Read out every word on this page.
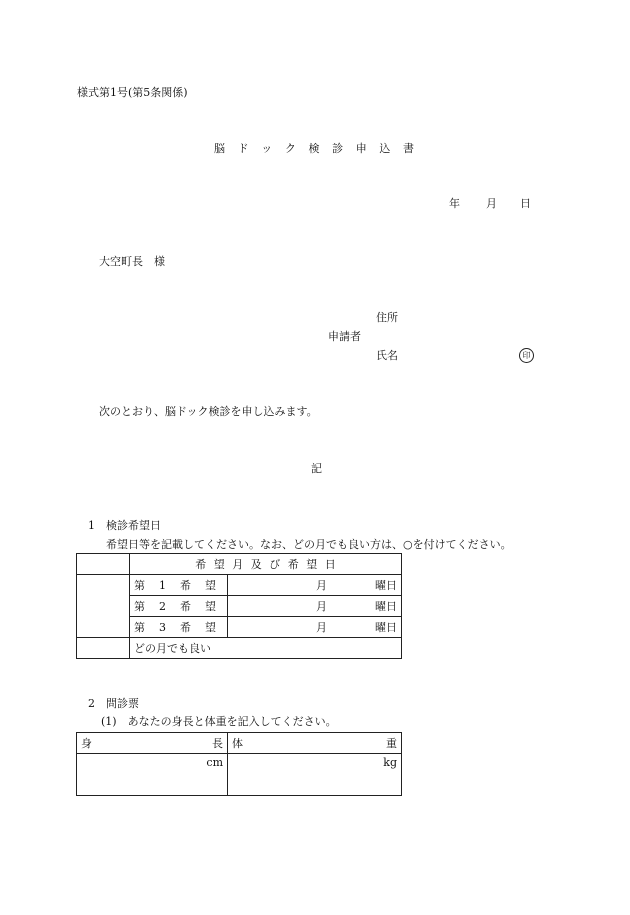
様式第1号(第5条関係)
脳 ド ッ ク 検 診 申 込 書
年 月 日
大空町長　様
住所
申請者
氏名	印
次のとおり、脳ドック検診を申し込みます。
記
1　検診希望日
希望日等を記載してください。なお、どの月でも良い方は、○を付けてください。
	希 望 月 及 び 希 望 日	

	第 1 希 望	月 曜日

	第 2 希 望	月 曜日

	第 3 希 望	月 曜日

	どの月でも良い	
2　問診票
(1)　あなたの身長と体重を記入してください。
身 長	体 重

cm	kg
